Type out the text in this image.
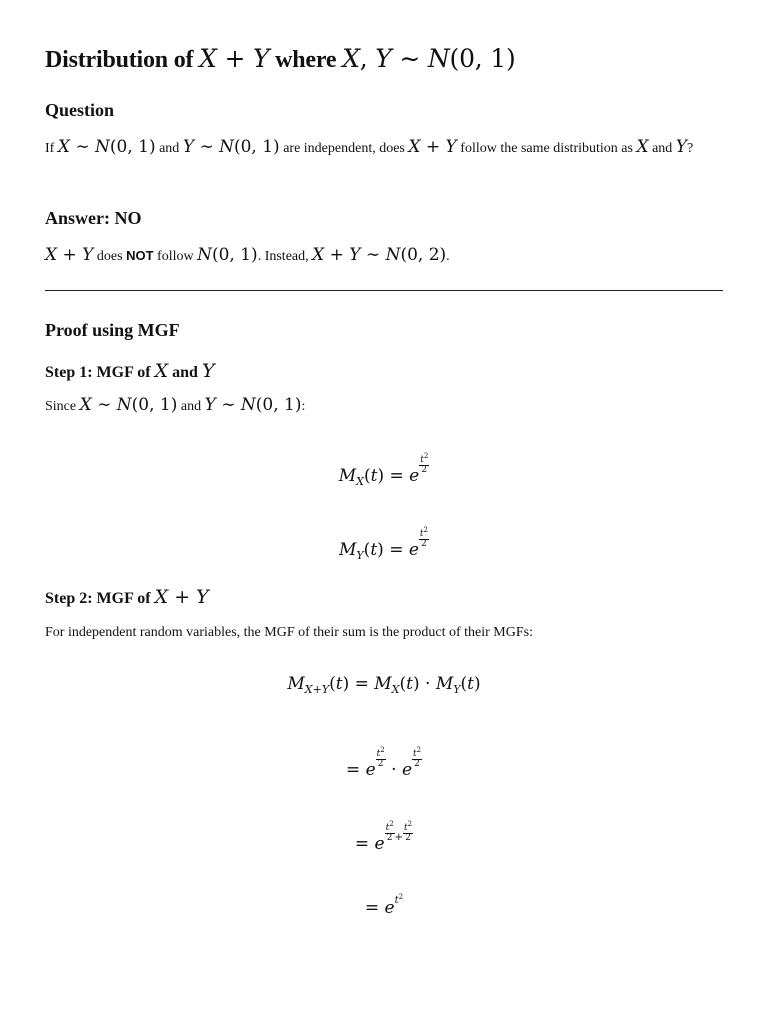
Distribution of X + Y where X, Y ∼ N(0, 1)
Question

If X ∼ N(0, 1) and Y ∼ N(0, 1) are independent, does X + Y follow the same distribution as X and Y?

Answer: NO

X + Y does NOT follow N(0, 1). Instead, X + Y ∼ N(0, 2).

Proof using MGF
Step 1: MGF of X and Y

Since X ∼ N(0, 1) and Y ∼ N(0, 1):

$M_X(t) = e$
$\frac{t^2}{2}$
$M_Y(t) = e$
$\frac{t^2}{2}$
Step 2: MGF of X + Y

For independent random variables, the MGF of their sum is the product of their MGFs:

$M_{X+Y}(t) = M_X(t) \cdot M_Y(t)$
= e
$\frac{t^2}{2}$
· e
$\frac{t^2}{2}$
= e
$\frac{t^2}{2} ^+ \frac{t^2}{2}$
= $e^{t^2}$
